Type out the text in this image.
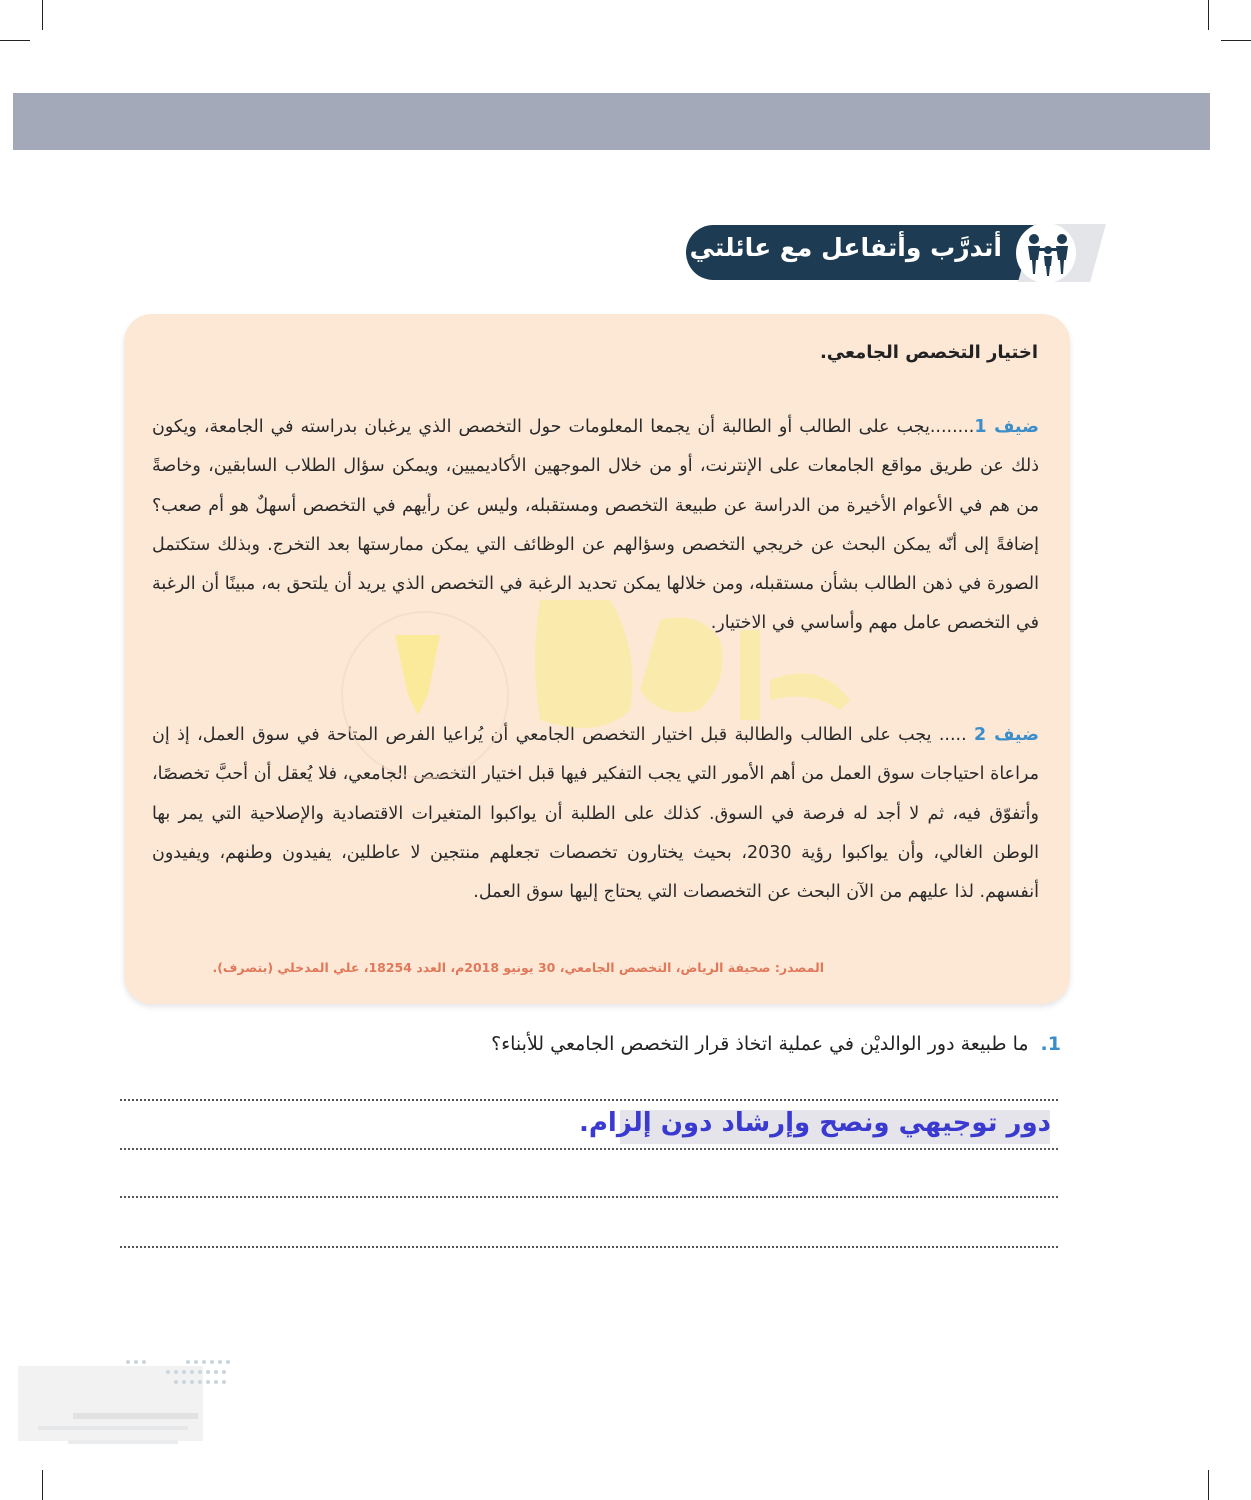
أتدرَّب وأتفاعل مع عائلتي
اختيار التخصص الجامعي.
ضيف 1........يجب على الطالب أو الطالبة أن يجمعا المعلومات حول التخصص الذي يرغبان بدراسته في الجامعة، ويكون ذلك عن طريق مواقع الجامعات على الإنترنت، أو من خلال الموجهين الأكاديميين، ويمكن سؤال الطلاب السابقين، وخاصةً من هم في الأعوام الأخيرة من الدراسة عن طبيعة التخصص ومستقبله، وليس عن رأيهم في التخصص أسهلٌ هو أم صعب؟ إضافةً إلى أنّه يمكن البحث عن خريجي التخصص وسؤالهم عن الوظائف التي يمكن ممارستها بعد التخرج. وبذلك ستكتمل الصورة في ذهن الطالب بشأن مستقبله، ومن خلالها يمكن تحديد الرغبة في التخصص الذي يريد أن يلتحق به، مبينًا أن الرغبة في التخصص عامل مهم وأساسي في الاختيار.
ضيف 2 ..... يجب على الطالب والطالبة قبل اختيار التخصص الجامعي أن يُراعيا الفرص المتاحة في سوق العمل، إذ إن مراعاة احتياجات سوق العمل من أهم الأمور التي يجب التفكير فيها قبل اختيار التخصص الجامعي، فلا يُعقل أن أحبَّ تخصصًا، وأتفوّق فيه، ثم لا أجد له فرصة في السوق. كذلك على الطلبة أن يواكبوا المتغيرات الاقتصادية والإصلاحية التي يمر بها الوطن الغالي، وأن يواكبوا رؤية 2030، بحيث يختارون تخصصات تجعلهم منتجين لا عاطلين، يفيدون وطنهم، ويفيدون أنفسهم. لذا عليهم من الآن البحث عن التخصصات التي يحتاج إليها سوق العمل.
المصدر: صحيفة الرياض، التخصص الجامعي، 30 يونيو 2018م، العدد 18254، علي المدخلي (بتصرف).
1.ما طبيعة دور الوالديْن في عملية اتخاذ قرار التخصص الجامعي للأبناء؟
دور توجيهي ونصح وإرشاد دون إلزام.
